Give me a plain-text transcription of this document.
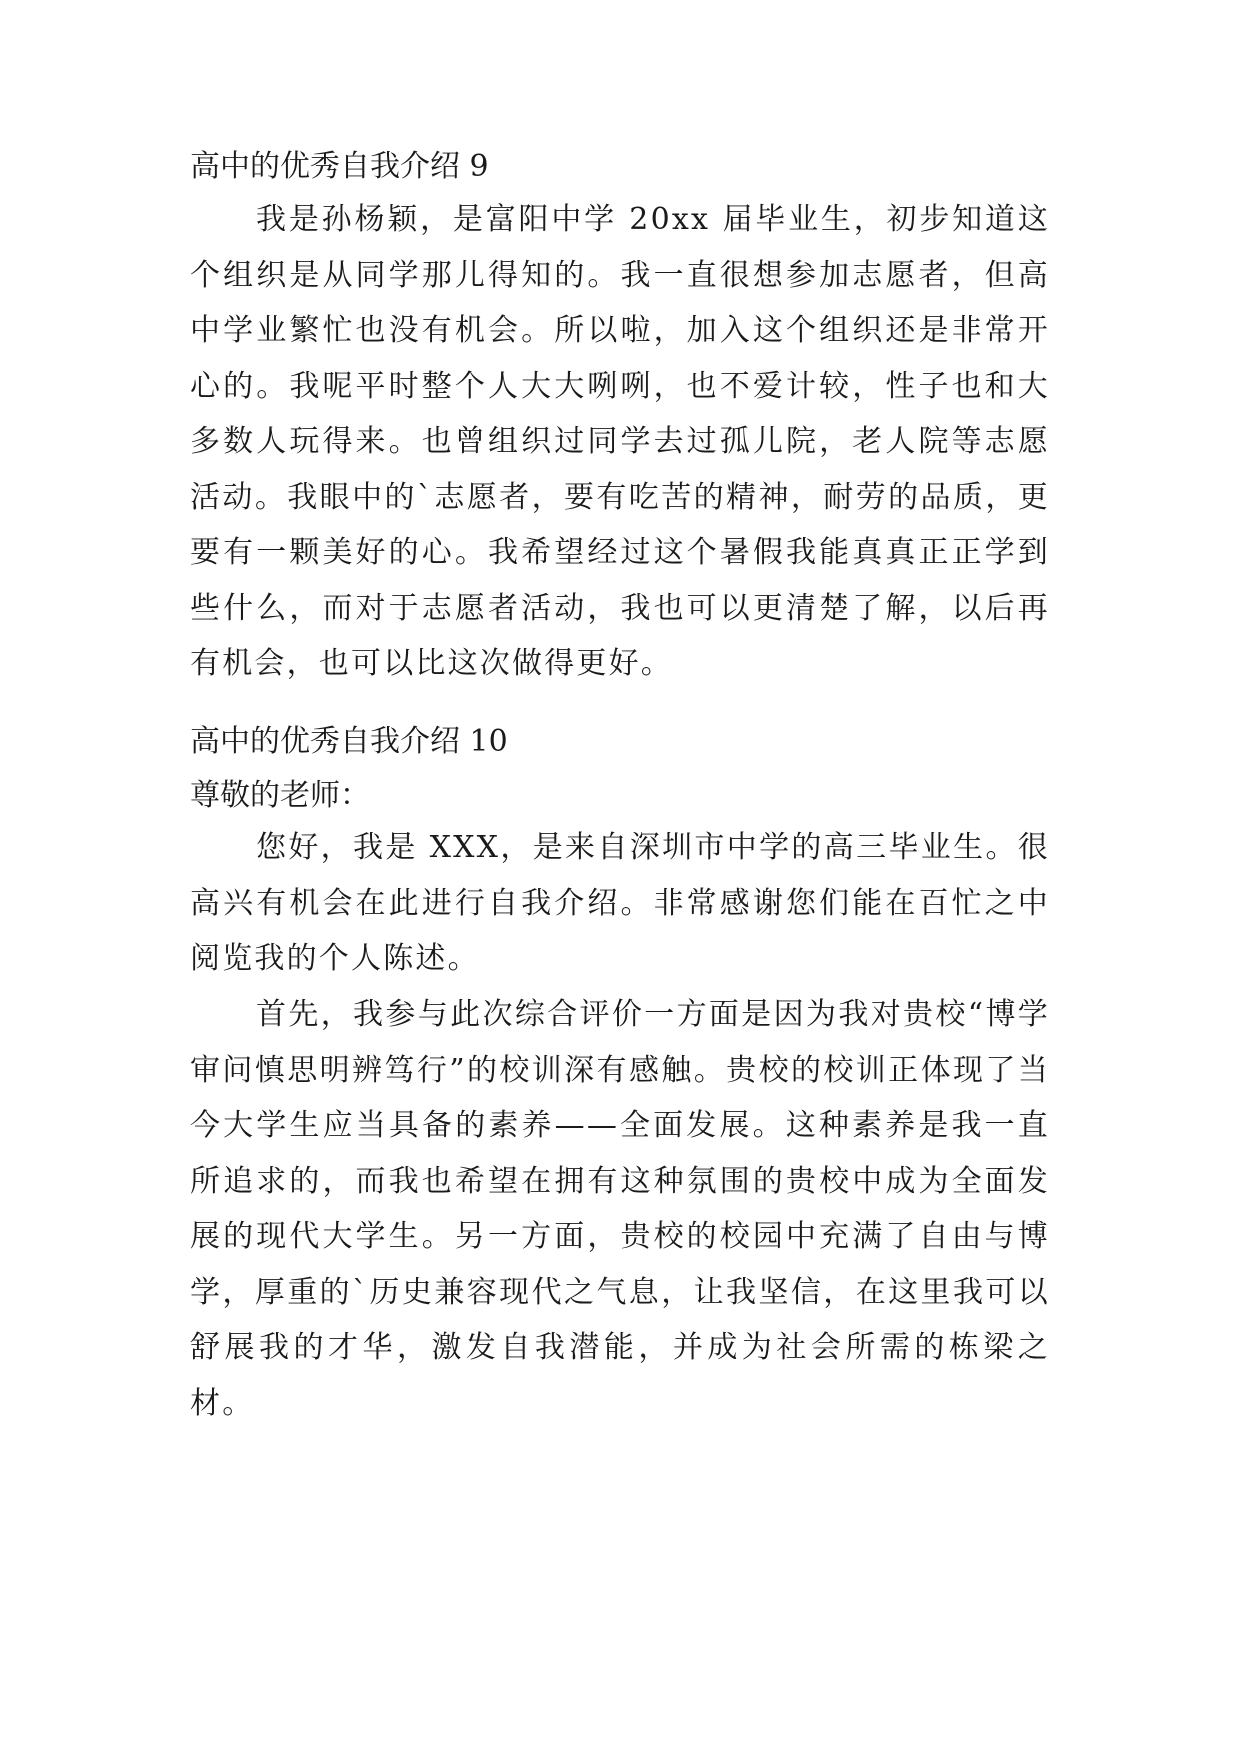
高中的优秀自我介绍 9

我是孙杨颖，是富阳中学 20xx 届毕业生，初步知道这个组织是从同学那儿得知的。我一直很想参加志愿者，但高中学业繁忙也没有机会。所以啦，加入这个组织还是非常开心的。我呢平时整个人大大咧咧，也不爱计较，性子也和大多数人玩得来。也曾组织过同学去过孤儿院，老人院等志愿活动。我眼中的`志愿者，要有吃苦的精神，耐劳的品质，更要有一颗美好的心。我希望经过这个暑假我能真真正正学到些什么，而对于志愿者活动，我也可以更清楚了解，以后再有机会，也可以比这次做得更好。

高中的优秀自我介绍 10
尊敬的老师：

您好，我是 XXX，是来自深圳市中学的高三毕业生。很高兴有机会在此进行自我介绍。非常感谢您们能在百忙之中阅览我的个人陈述。

首先，我参与此次综合评价一方面是因为我对贵校“博学审问慎思明辨笃行”的校训深有感触。贵校的校训正体现了当今大学生应当具备的素养——全面发展。这种素养是我一直所追求的，而我也希望在拥有这种氛围的贵校中成为全面发展的现代大学生。另一方面，贵校的校园中充满了自由与博学，厚重的`历史兼容现代之气息，让我坚信，在这里我可以舒展我的才华，激发自我潜能，并成为社会所需的栋梁之材。
